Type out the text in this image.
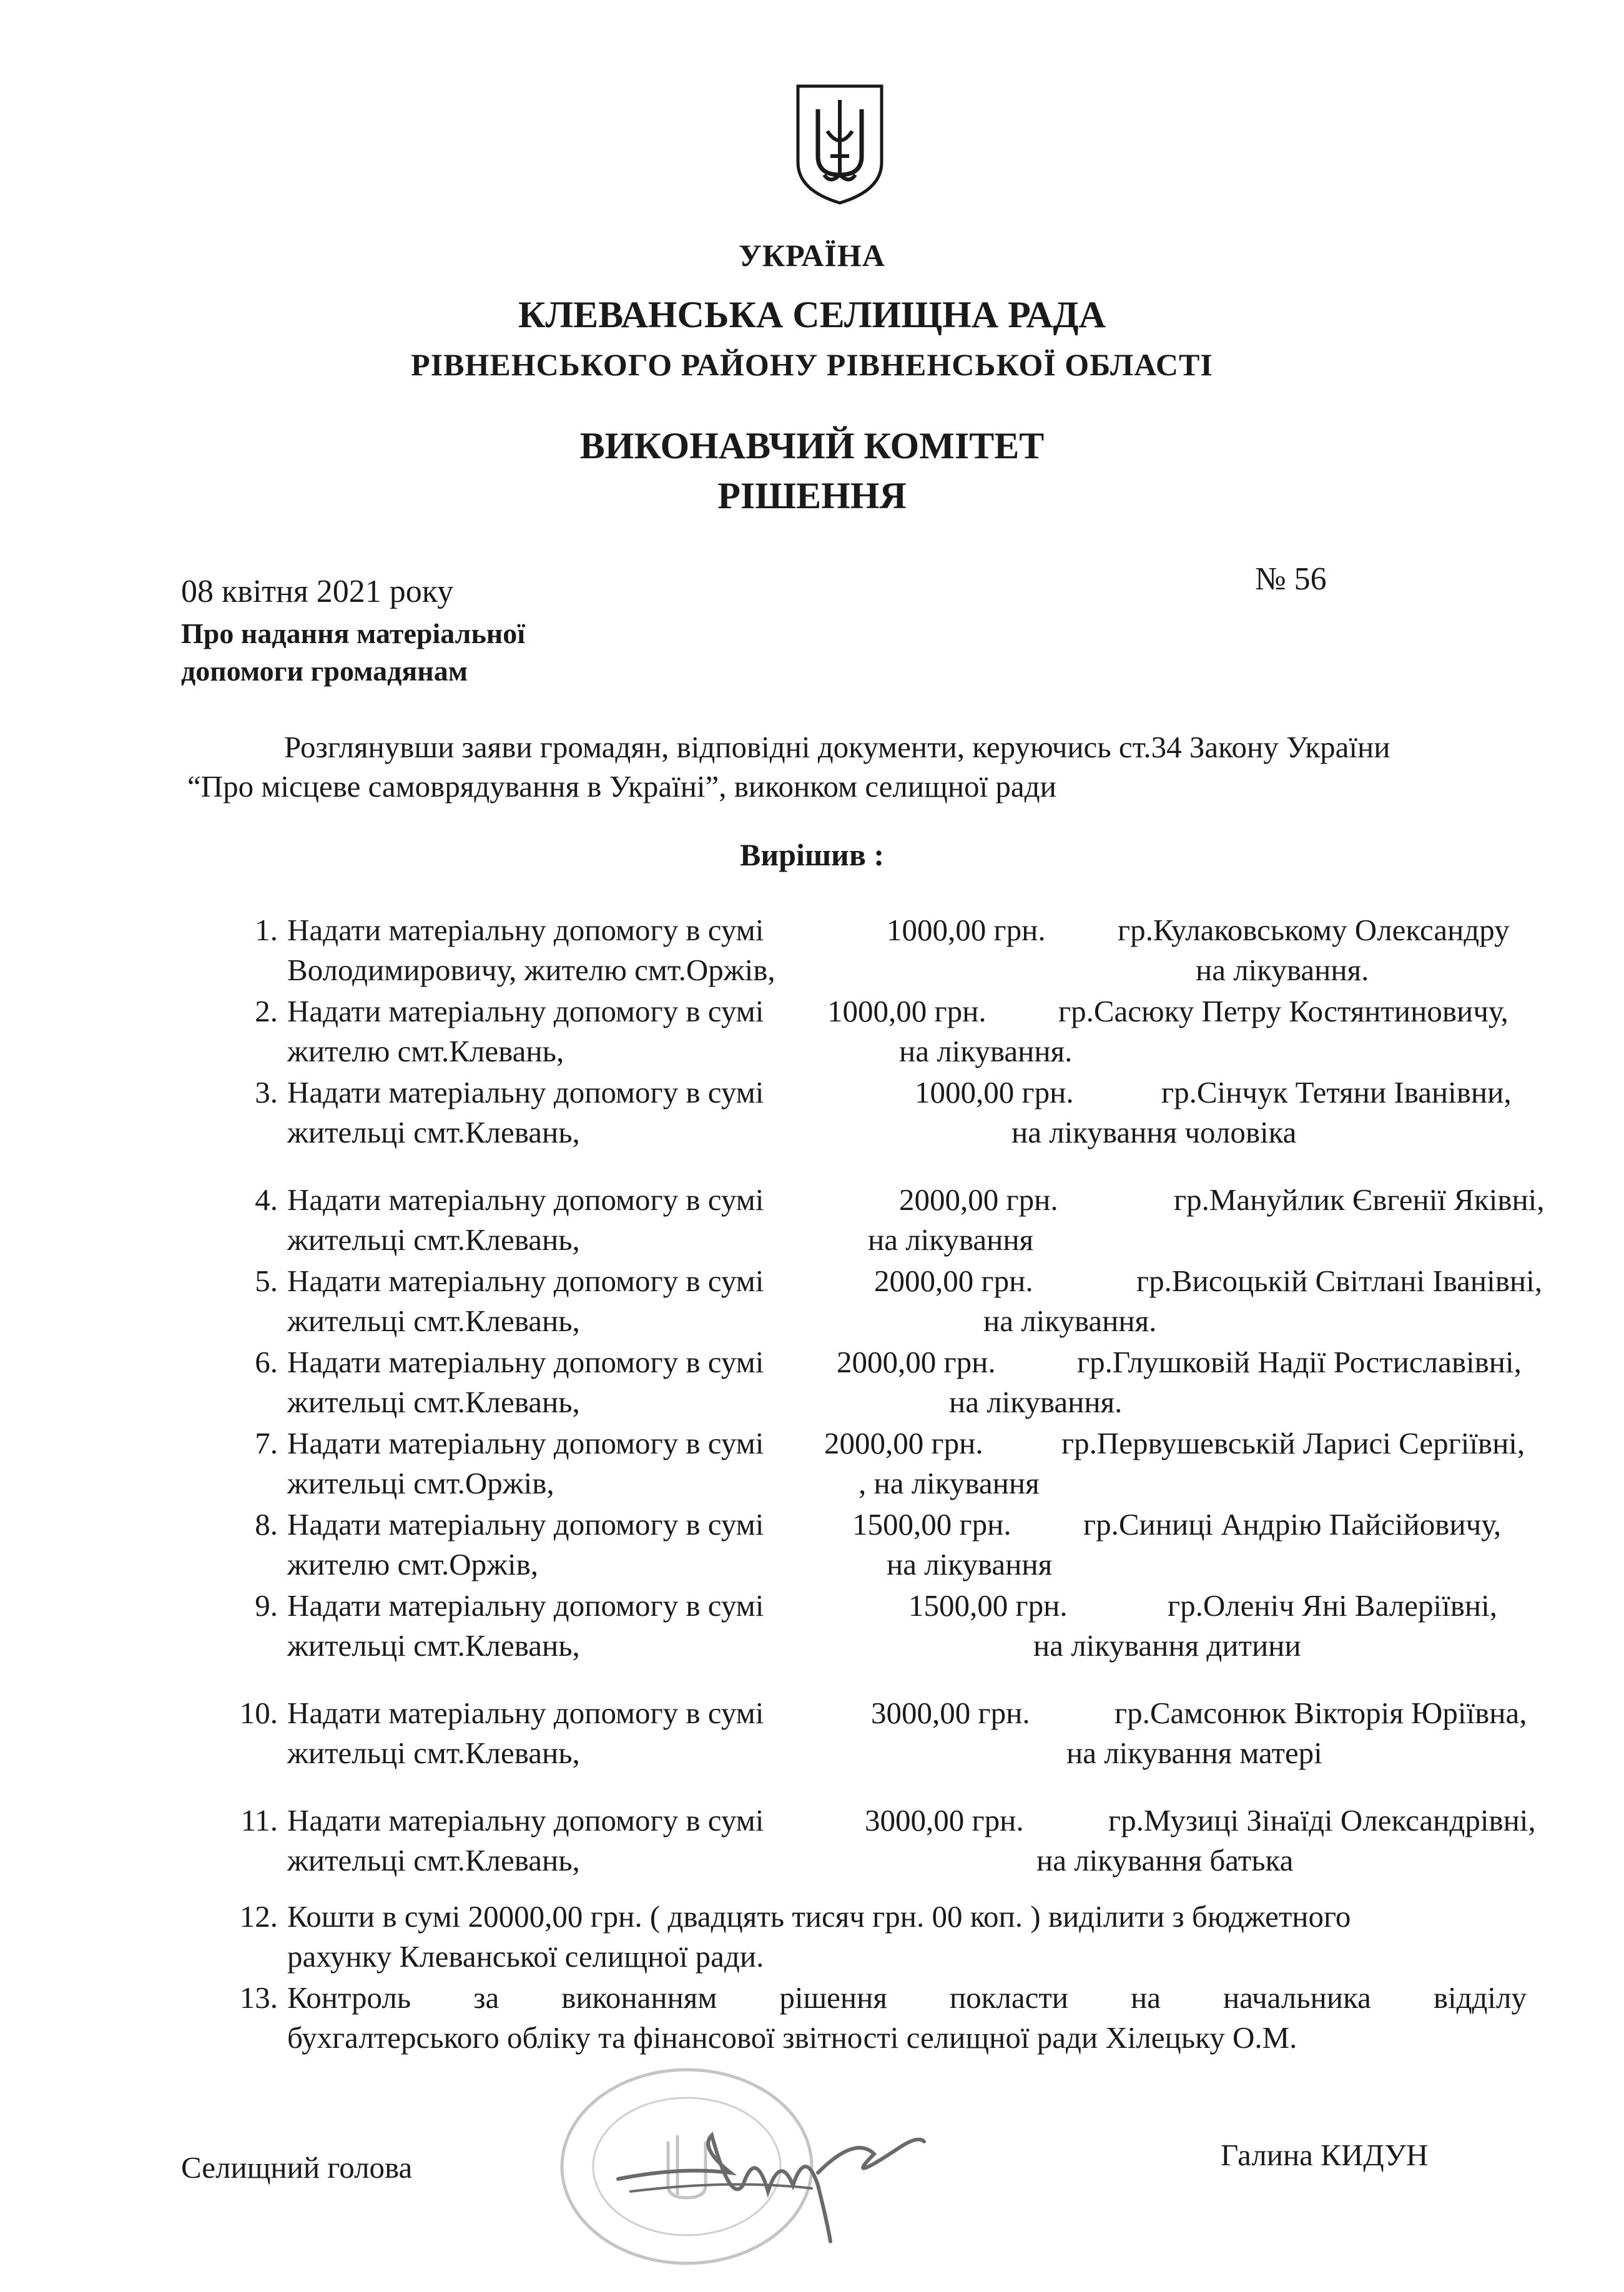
УКРАЇНА
КЛЕВАНСЬКА СЕЛИЩНА РАДА
РІВНЕНСЬКОГО РАЙОНУ РІВНЕНСЬКОЇ ОБЛАСТІ
ВИКОНАВЧИЙ КОМІТЕТ
РІШЕННЯ
08 квітня 2021 року	№ 56
Про надання матеріальної
допомоги громадянам
Розглянувши заяви громадян, відповідні документи, керуючись ст.34 Закону України
“Про місцеве самоврядування в Україні”, виконком селищної ради
Вирішив :
1. Надати матеріальну допомогу в сумі	1000,00 грн. гр.Кулаковському Олександру
Володимировичу, жителю смт.Оржів,	на лікування.
2. Надати матеріальну допомогу в сумі 1000,00 грн. гр.Сасюку Петру Костянтиновичу,
жителю смт.Клевань,	на лікування.
3. Надати матеріальну допомогу в сумі	1000,00 грн.	гр.Сінчук Тетяни Іванівни,
жительці смт.Клевань,	на лікування чоловіка
4. Надати матеріальну допомогу в сумі	2000,00 грн.	гр.Мануйлик Євгенії Яківні,
жительці смт.Клевань,	на лікування
5. Надати матеріальну допомогу в сумі	2000,00 грн.	гр.Висоцькій Світлані Іванівні,
жительці смт.Клевань,	на лікування.
6. Надати матеріальну допомогу в сумі 2000,00 грн.	гр.Глушковій Надії Ростиславівні,
жительці смт.Клевань,	на лікування.
7. Надати матеріальну допомогу в сумі 2000,00 грн.	гр.Первушевській Ларисі Сергіївні,
жительці смт.Оржів,	, на лікування
8. Надати матеріальну допомогу в сумі	1500,00 грн. гр.Синиці Андрію Пайсійовичу,
жителю смт.Оржів,	на лікування
9. Надати матеріальну допомогу в сумі	1500,00 грн.	гр.Оленіч Яні Валеріївні,
жительці смт.Клевань,	на лікування дитини
10. Надати матеріальну допомогу в сумі	3000,00 грн.	гр.Самсонюк Вікторія Юріївна,
жительці смт.Клевань,	на лікування матері
11. Надати матеріальну допомогу в сумі	3000,00 грн.	гр.Музиці Зінаїді Олександрівні,
жительці смт.Клевань,	на лікування батька
12. Кошти в сумі 20000,00 грн. ( двадцять тисяч грн. 00 коп. ) виділити з бюджетного
рахунку Клеванської селищної ради.
13. Контроль за виконанням рішення покласти на начальника відділу
бухгалтерського обліку та фінансової звітності селищної ради Хілецьку О.М.
Селищний голова	Галина КИДУН
